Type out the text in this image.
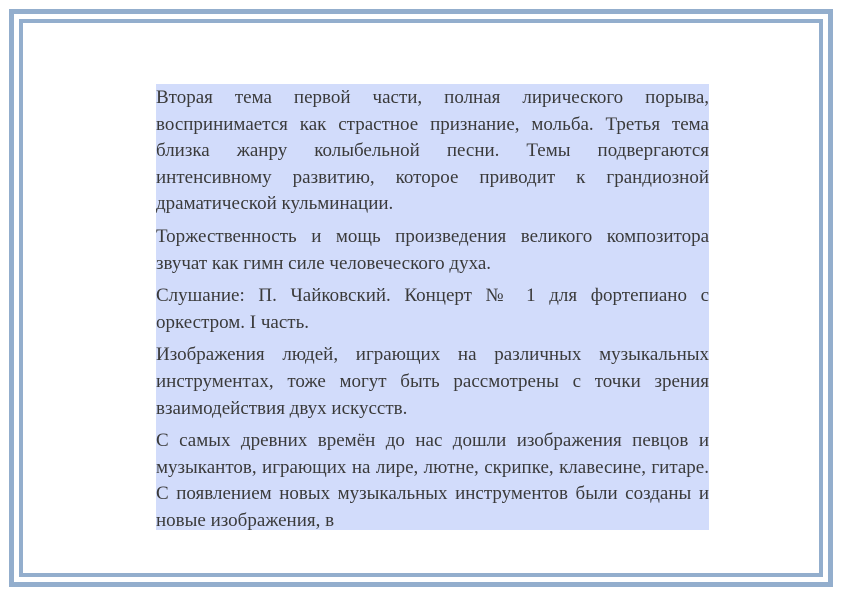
Вторая тема первой части, полная лирического порыва, воспринимается как страстное признание, мольба. Третья тема близка жанру колыбельной песни. Темы подвергаются интенсивному развитию, которое приводит к грандиозной драматической кульминации.

Торжественность и мощь произведения великого композитора звучат как гимн силе человеческого духа.

Слушание: П. Чайковский. Концерт № 1 для фортепиано с оркестром. I часть.

Изображения людей, играющих на различных музыкальных инструментах, тоже могут быть рассмотрены с точки зрения взаимодействия двух искусств.

С самых древних времён до нас дошли изображения певцов и музыкантов, играющих на лире, лютне, скрипке, клавесине, гитаре. С появлением новых музыкальных инструментов были созданы и новые изображения, в
